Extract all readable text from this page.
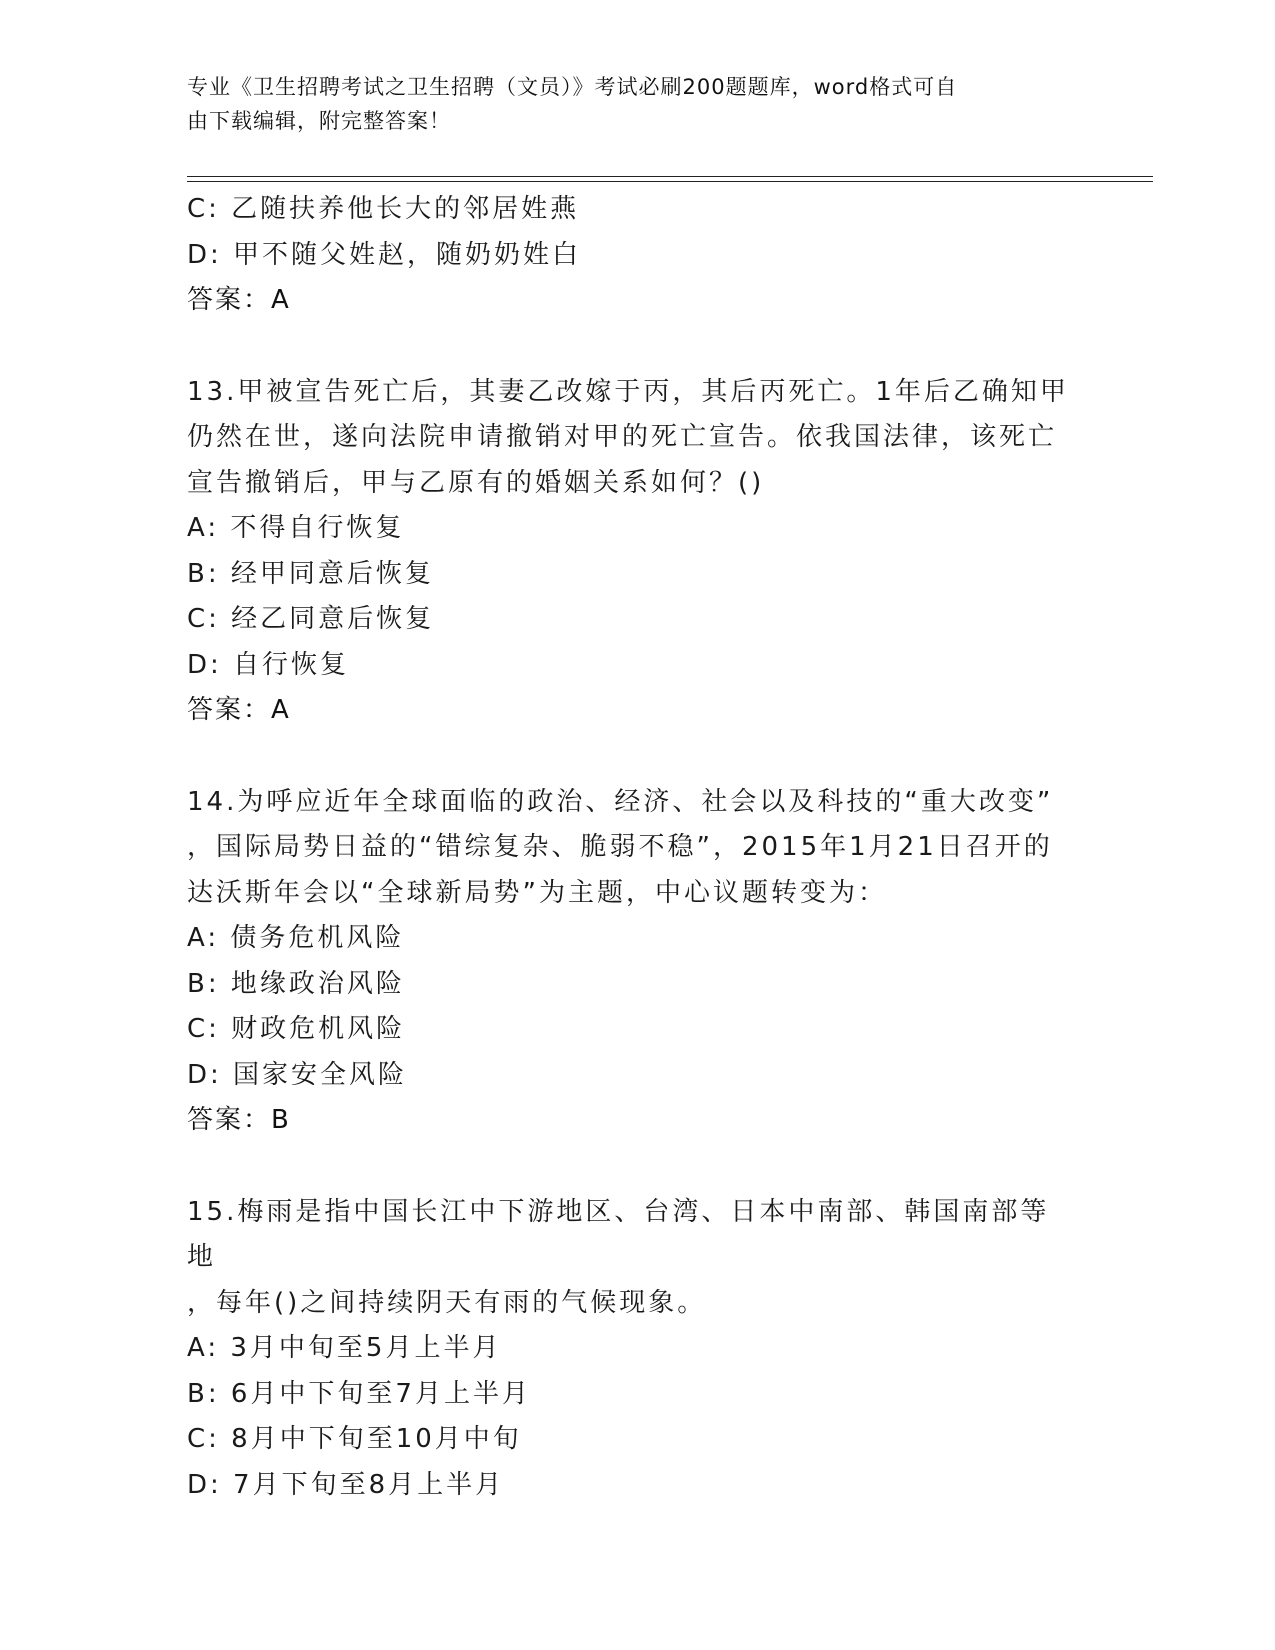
专业《卫生招聘考试之卫生招聘（文员）》考试必刷200题题库，word格式可自
由下载编辑，附完整答案！
C: 乙随扶养他长大的邻居姓燕
D: 甲不随父姓赵，随奶奶姓白
答案：A
13.甲被宣告死亡后，其妻乙改嫁于丙，其后丙死亡。1年后乙确知甲
仍然在世，遂向法院申请撤销对甲的死亡宣告。依我国法律，该死亡
宣告撤销后，甲与乙原有的婚姻关系如何？()
A: 不得自行恢复
B: 经甲同意后恢复
C: 经乙同意后恢复
D: 自行恢复
答案：A
14.为呼应近年全球面临的政治、经济、社会以及科技的“重大改变”
，国际局势日益的“错综复杂、脆弱不稳”，2015年1月21日召开的
达沃斯年会以“全球新局势”为主题，中心议题转变为：
A: 债务危机风险
B: 地缘政治风险
C: 财政危机风险
D: 国家安全风险
答案：B
15.梅雨是指中国长江中下游地区、台湾、日本中南部、韩国南部等地
，每年()之间持续阴天有雨的气候现象。
A: 3月中旬至5月上半月
B: 6月中下旬至7月上半月
C: 8月中下旬至10月中旬
D: 7月下旬至8月上半月
